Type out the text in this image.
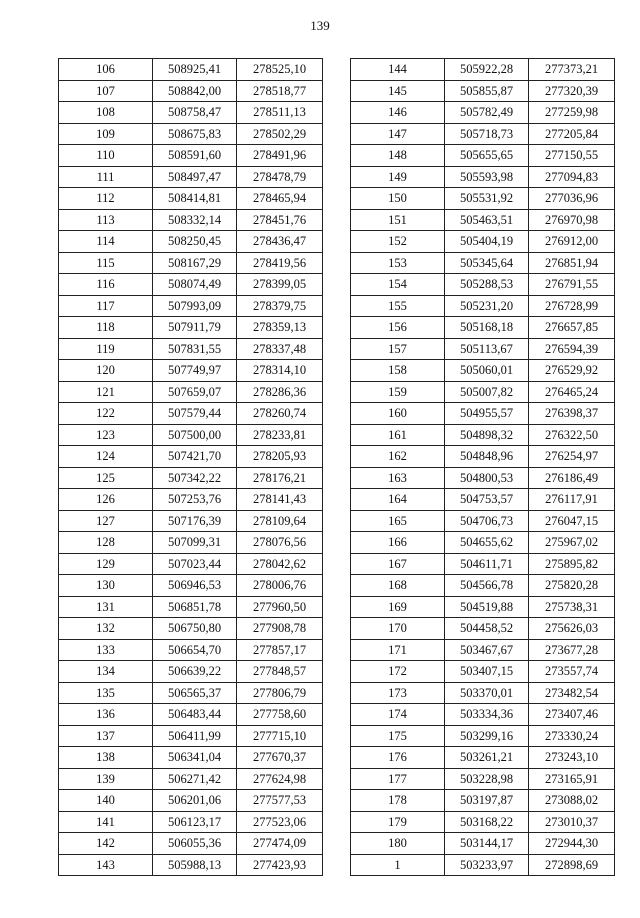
139
106	508925,41	278525,10
107	508842,00	278518,77
108	508758,47	278511,13
109	508675,83	278502,29
110	508591,60	278491,96
111	508497,47	278478,79
112	508414,81	278465,94
113	508332,14	278451,76
114	508250,45	278436,47
115	508167,29	278419,56
116	508074,49	278399,05
117	507993,09	278379,75
118	507911,79	278359,13
119	507831,55	278337,48
120	507749,97	278314,10
121	507659,07	278286,36
122	507579,44	278260,74
123	507500,00	278233,81
124	507421,70	278205,93
125	507342,22	278176,21
126	507253,76	278141,43
127	507176,39	278109,64
128	507099,31	278076,56
129	507023,44	278042,62
130	506946,53	278006,76
131	506851,78	277960,50
132	506750,80	277908,78
133	506654,70	277857,17
134	506639,22	277848,57
135	506565,37	277806,79
136	506483,44	277758,60
137	506411,99	277715,10
138	506341,04	277670,37
139	506271,42	277624,98
140	506201,06	277577,53
141	506123,17	277523,06
142	506055,36	277474,09
143	505988,13	277423,93
144	505922,28	277373,21
145	505855,87	277320,39
146	505782,49	277259,98
147	505718,73	277205,84
148	505655,65	277150,55
149	505593,98	277094,83
150	505531,92	277036,96
151	505463,51	276970,98
152	505404,19	276912,00
153	505345,64	276851,94
154	505288,53	276791,55
155	505231,20	276728,99
156	505168,18	276657,85
157	505113,67	276594,39
158	505060,01	276529,92
159	505007,82	276465,24
160	504955,57	276398,37
161	504898,32	276322,50
162	504848,96	276254,97
163	504800,53	276186,49
164	504753,57	276117,91
165	504706,73	276047,15
166	504655,62	275967,02
167	504611,71	275895,82
168	504566,78	275820,28
169	504519,88	275738,31
170	504458,52	275626,03
171	503467,67	273677,28
172	503407,15	273557,74
173	503370,01	273482,54
174	503334,36	273407,46
175	503299,16	273330,24
176	503261,21	273243,10
177	503228,98	273165,91
178	503197,87	273088,02
179	503168,22	273010,37
180	503144,17	272944,30
1	503233,97	272898,69
